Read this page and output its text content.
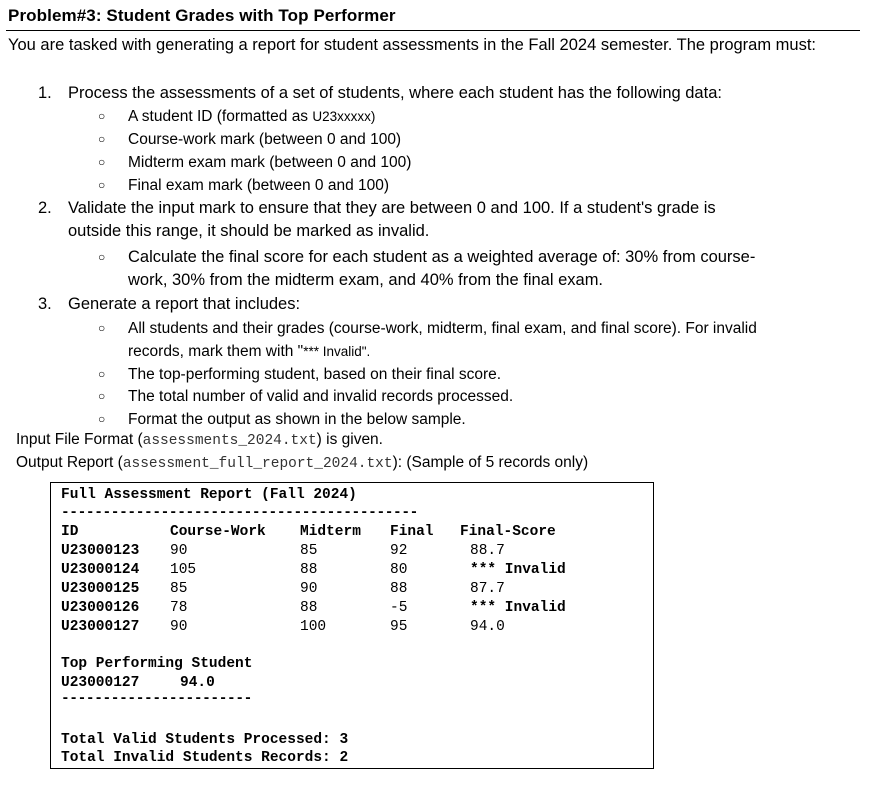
Problem#3: Student Grades with Top Performer
You are tasked with generating a report for student assessments in the Fall 2024 semester. The program must:
1. Process the assessments of a set of students, where each student has the following data:
○ A student ID (formatted as U23xxxxx)
○ Course-work mark (between 0 and 100)
○ Midterm exam mark (between 0 and 100)
○ Final exam mark (between 0 and 100)
2. Validate the input mark to ensure that they are between 0 and 100. If a student's grade is
outside this range, it should be marked as invalid.
○ Calculate the final score for each student as a weighted average of: 30% from course-
work, 30% from the midterm exam, and 40% from the final exam.
3. Generate a report that includes:
○ All students and their grades (course-work, midterm, final exam, and final score). For invalid
records, mark them with "*** Invalid".
○ The top-performing student, based on their final score.
○ The total number of valid and invalid records processed.
○ Format the output as shown in the below sample.
Input File Format (assessments_2024.txt) is given.
Output Report (assessment_full_report_2024.txt): (Sample of 5 records only)
Full Assessment Report (Fall 2024)
-------------------------------------------
ID	Course-Work Midterm Final Final-Score
U23000123 90	85	92	88.7
U23000124 105	88	80	*** Invalid
U23000125 85	90	88	87.7
U23000126 78	88	-5	*** Invalid
U23000127 90	100	95	94.0
Top Performing Student
U23000127	94.0
-----------------------
Total Valid Students Processed: 3
Total Invalid Students Records: 2
